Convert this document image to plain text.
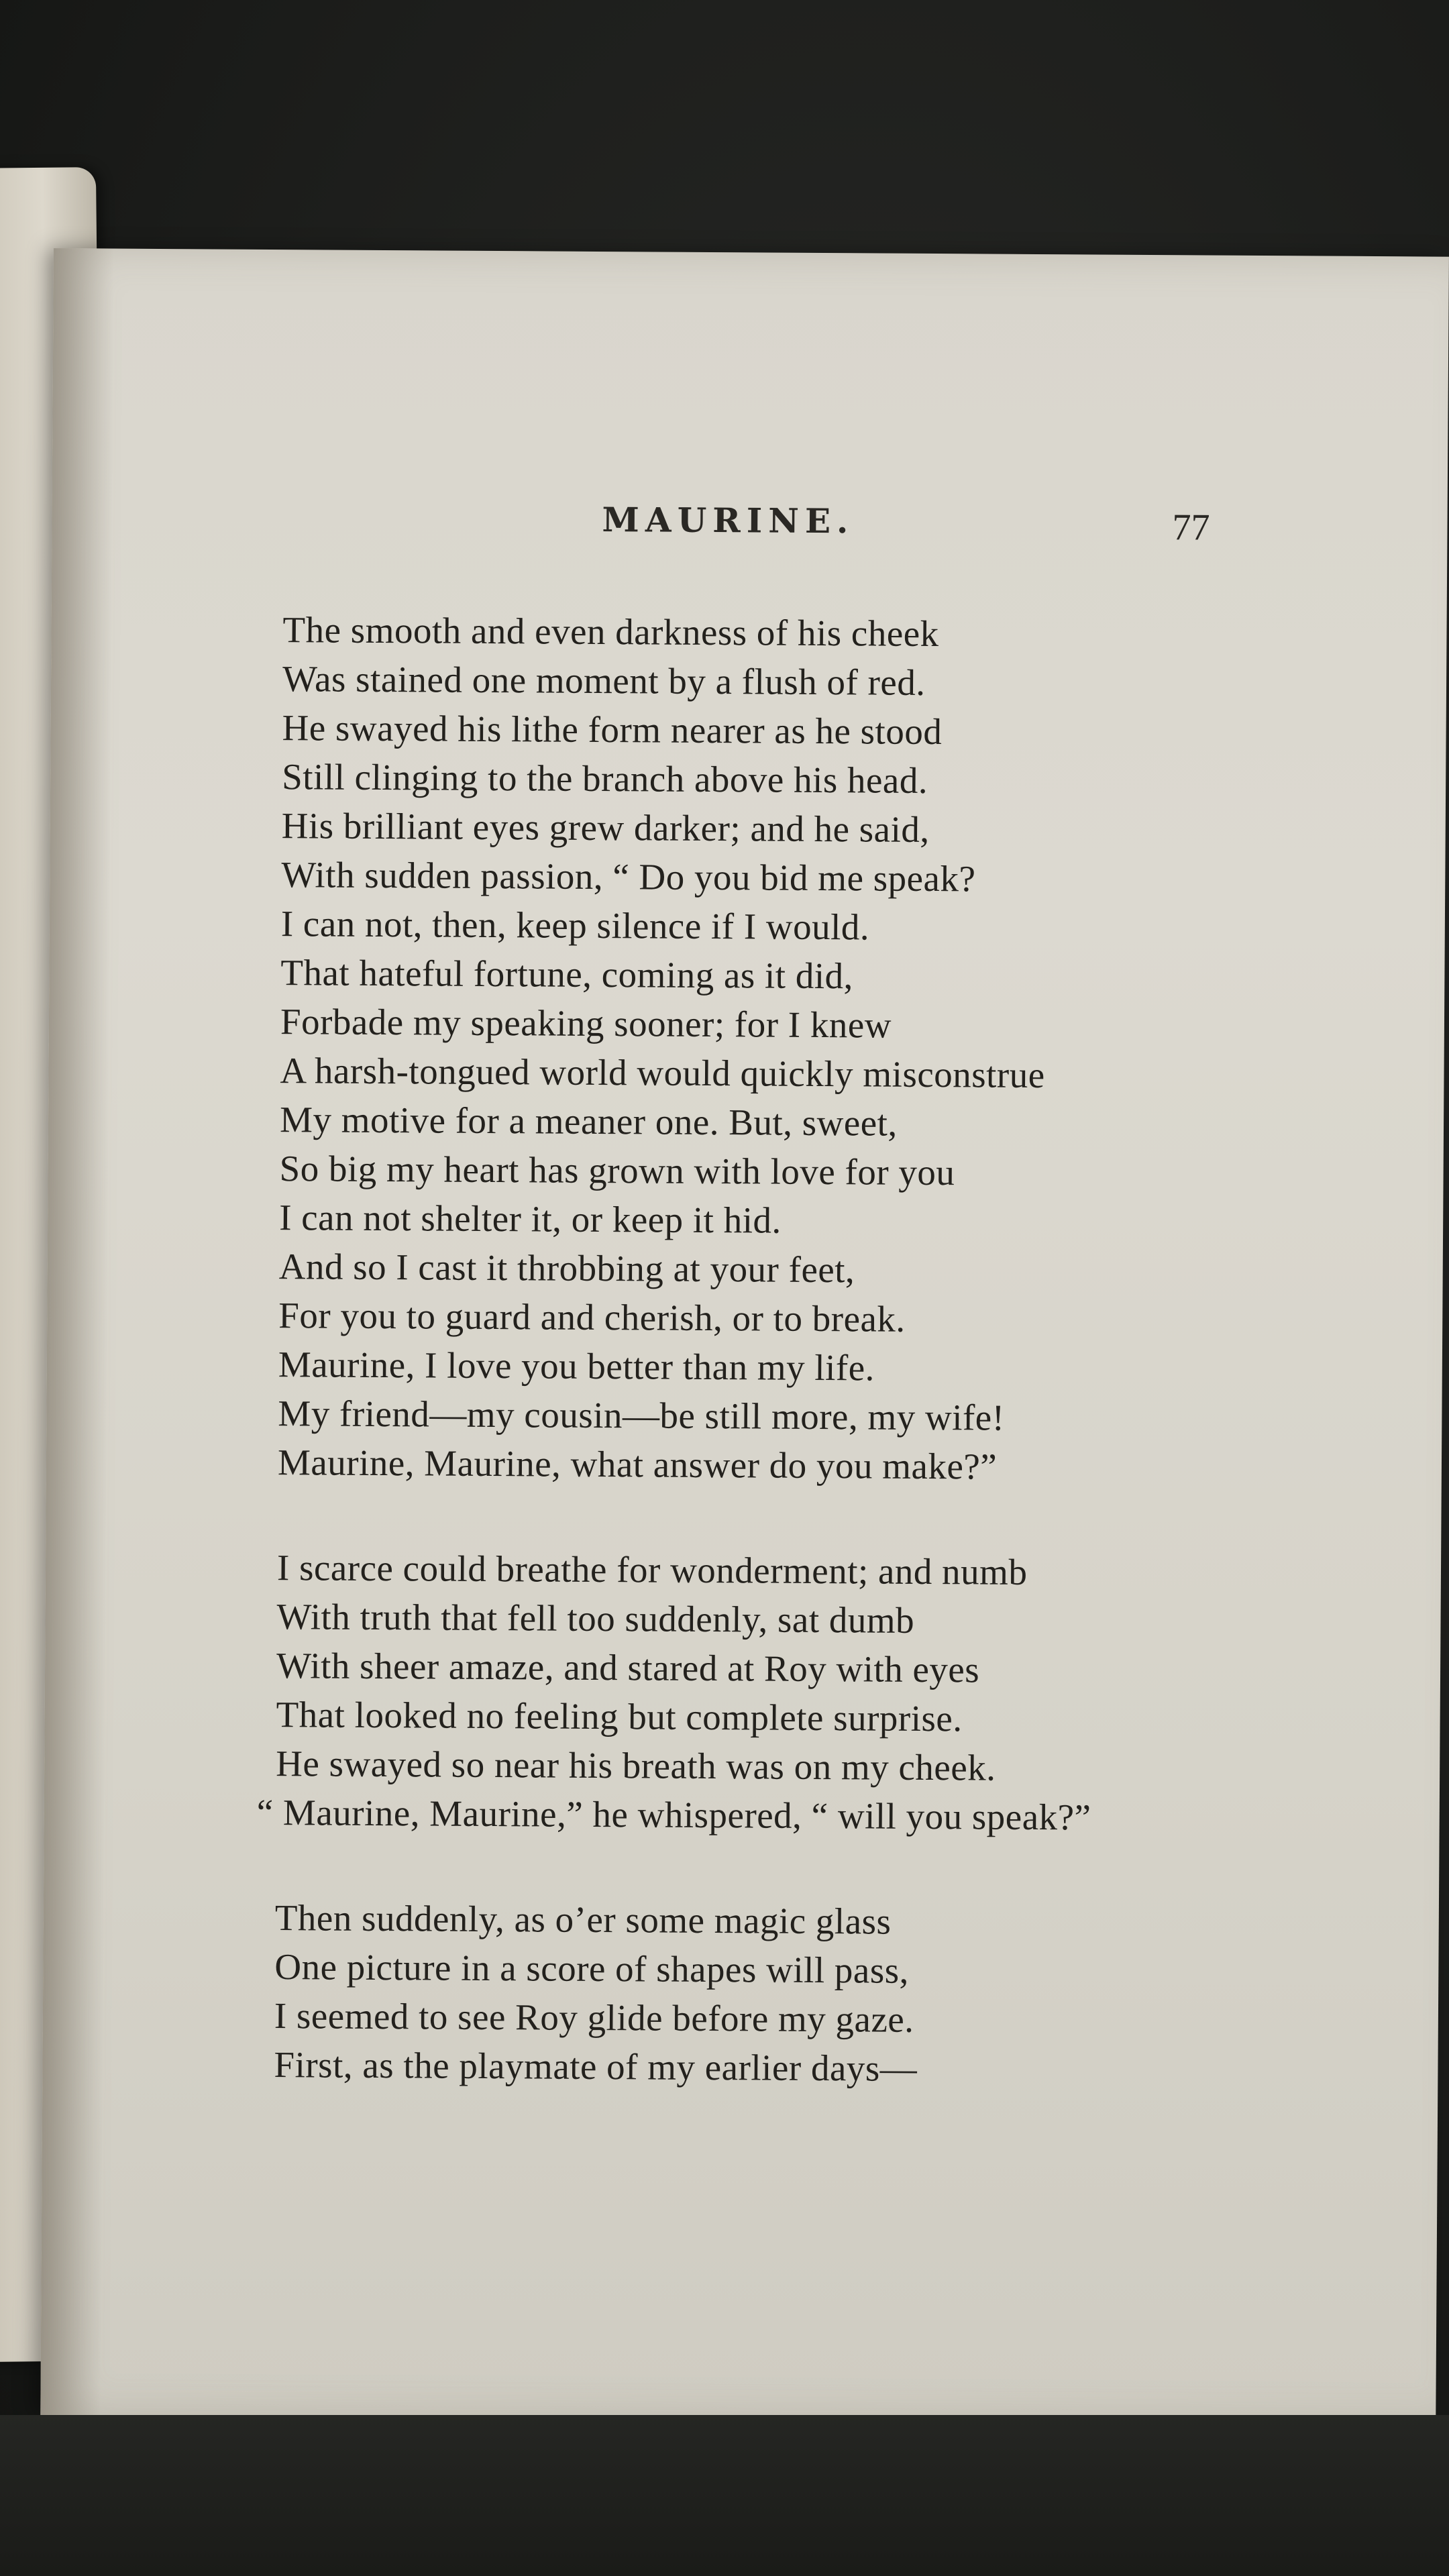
MAURINE.	77
The smooth and even darkness of his cheek
Was stained one moment by a flush of red.
He swayed his lithe form nearer as he stood
Still clinging to the branch above his head.
His brilliant eyes grew darker; and he said,
With sudden passion, “ Do you bid me speak?
I can not, then, keep silence if I would.
That hateful fortune, coming as it did,
Forbade my speaking sooner; for I knew
A harsh-tongued world would quickly misconstrue
My motive for a meaner one. But, sweet,
So big my heart has grown with love for you
I can not shelter it, or keep it hid.
And so I cast it throbbing at your feet,
For you to guard and cherish, or to break.
Maurine, I love you better than my life.
My friend—my cousin—be still more, my wife!
Maurine, Maurine, what answer do you make?”
I scarce could breathe for wonderment; and numb
With truth that fell too suddenly, sat dumb
With sheer amaze, and stared at Roy with eyes
That looked no feeling but complete surprise.
He swayed so near his breath was on my cheek.
“ Maurine, Maurine,” he whispered, “ will you speak?”
Then suddenly, as o’er some magic glass
One picture in a score of shapes will pass,
I seemed to see Roy glide before my gaze.
First, as the playmate of my earlier days—
